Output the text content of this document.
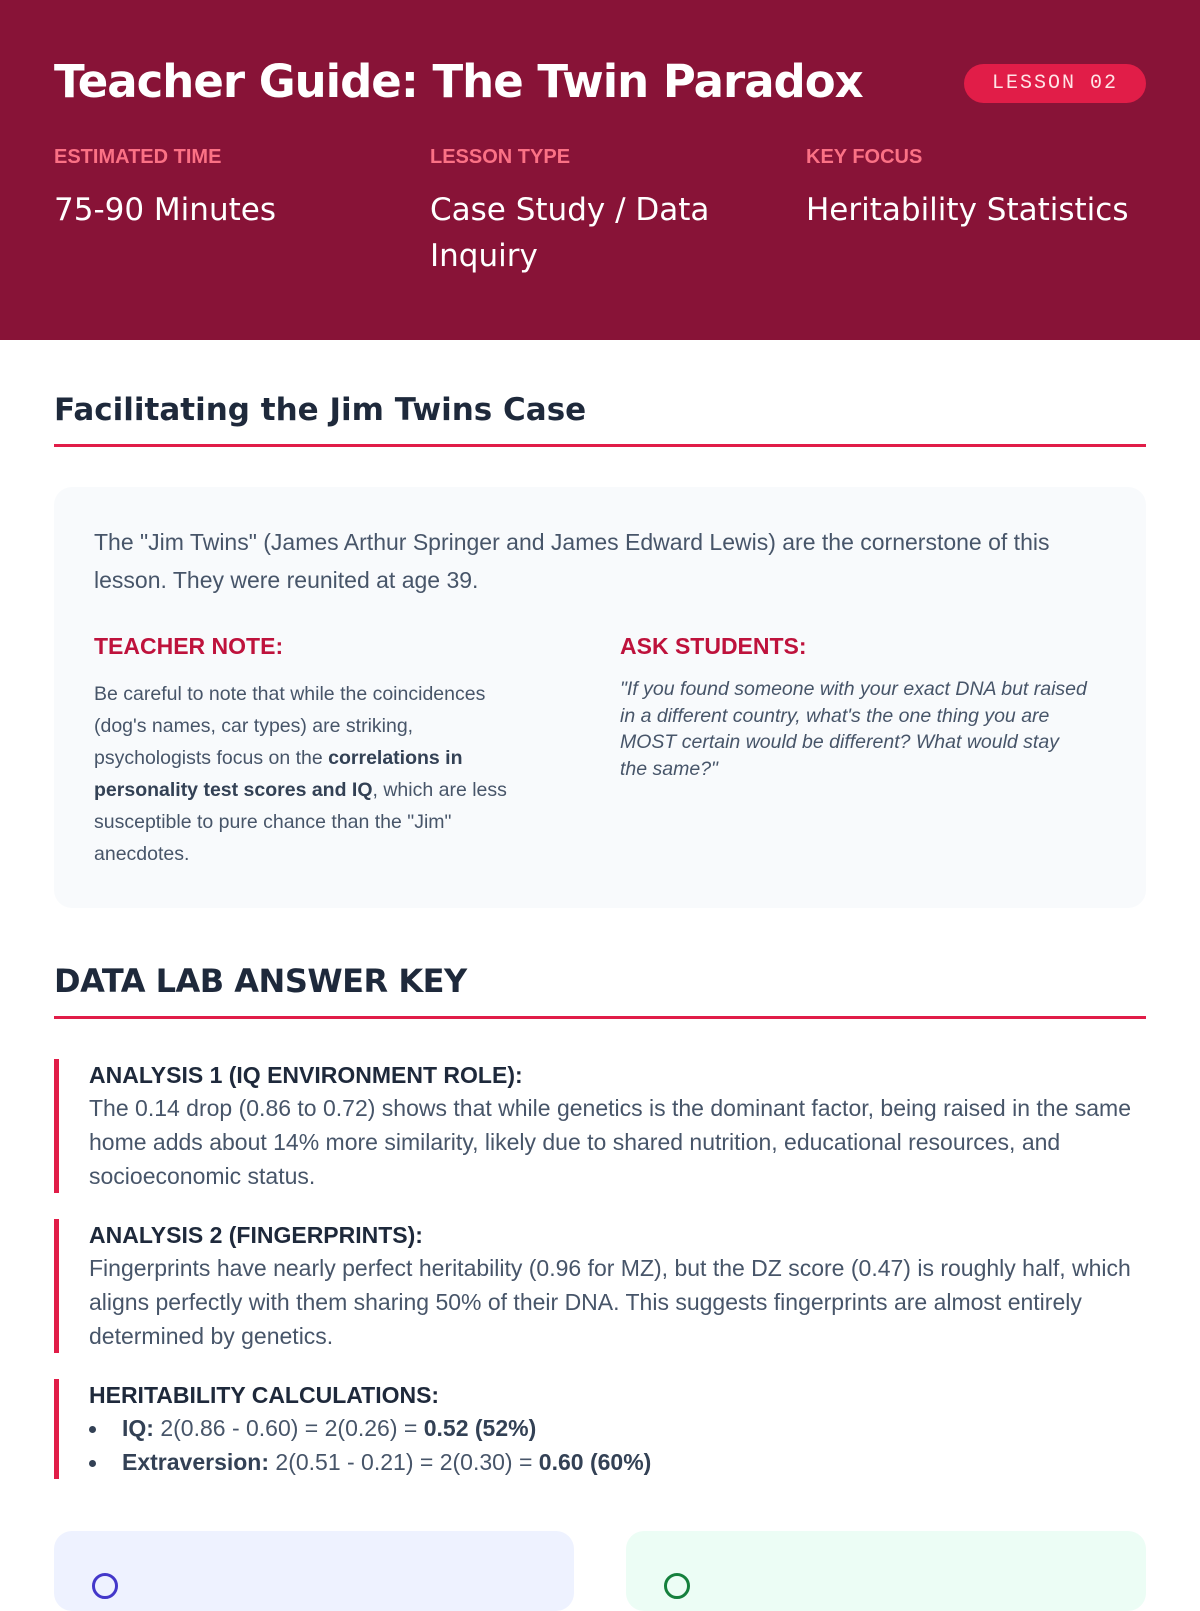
Teacher Guide: The Twin Paradox	LESSON 02
ESTIMATED TIME
75-90 Minutes
LESSON TYPE
Case Study / Data Inquiry
KEY FOCUS
Heritability Statistics
Facilitating the Jim Twins Case

The "Jim Twins" (James Arthur Springer and James Edward Lewis) are the cornerstone of this lesson. They were reunited at age 39.

TEACHER NOTE:

Be careful to note that while the coincidences (dog's names, car types) are striking, psychologists focus on the correlations in personality test scores and IQ, which are less susceptible to pure chance than the "Jim" anecdotes.

ASK STUDENTS:

"If you found someone with your exact DNA but raised in a different country, what's the one thing you are MOST certain would be different? What would stay the same?"

DATA LAB ANSWER KEY
ANALYSIS 1 (IQ ENVIRONMENT ROLE):
The 0.14 drop (0.86 to 0.72) shows that while genetics is the dominant factor, being raised in the same home adds about 14% more similarity, likely due to shared nutrition, educational resources, and socioeconomic status.
ANALYSIS 2 (FINGERPRINTS):
Fingerprints have nearly perfect heritability (0.96 for MZ), but the DZ score (0.47) is roughly half, which aligns perfectly with them sharing 50% of their DNA. This suggests fingerprints are almost entirely determined by genetics.
HERITABILITY CALCULATIONS:
IQ: 2(0.86 - 0.60) = 2(0.26) = 0.52 (52%)
Extraversion: 2(0.51 - 0.21) = 2(0.30) = 0.60 (60%)
